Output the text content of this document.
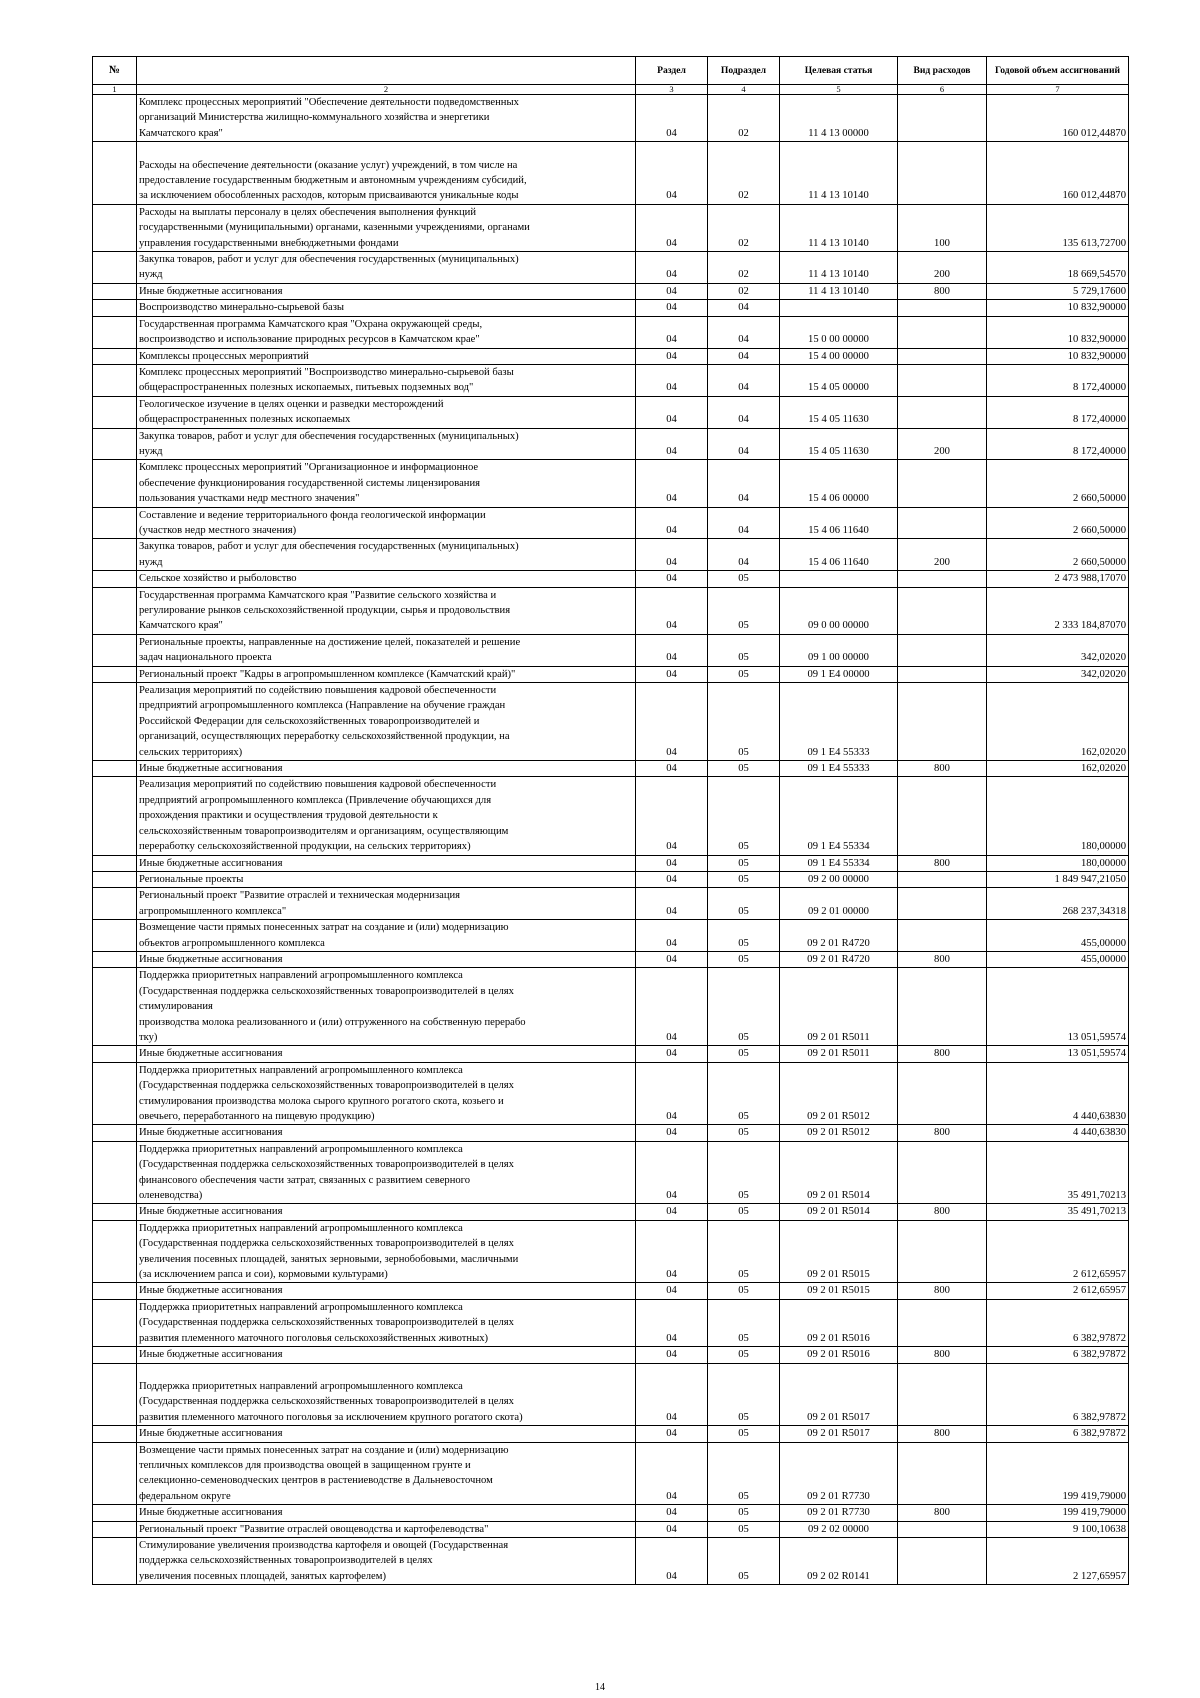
№		Раздел	Подраздел	Целевая статья	Вид расходов	Годовой объем ассигнований
1	2	3	4	5	6	7
	Комплекс процессных мероприятий "Обеспечение деятельности подведомственных
организаций Министерства жилищно-коммунального хозяйства и энергетики
Камчатского края"	04	02	11 4 13 00000		160 012,44870

Расходы на обеспечение деятельности (оказание услуг) учреждений, в том числе на
предоставление государственным бюджетным и автономным учреждениям субсидий,
за исключением обособленных расходов, которым присваиваются уникальные коды	04	02	11 4 13 10140		160 012,44870
	Расходы на выплаты персоналу в целях обеспечения выполнения функций
государственными (муниципальными) органами, казенными учреждениями, органами
управления государственными внебюджетными фондами	04	02	11 4 13 10140	100	135 613,72700
	Закупка товаров, работ и услуг для обеспечения государственных (муниципальных)
нужд	04	02	11 4 13 10140	200	18 669,54570
	Иные бюджетные ассигнования	04	02	11 4 13 10140	800	5 729,17600
	Воспроизводство минерально-сырьевой базы	04	04			10 832,90000
	Государственная программа Камчатского края "Охрана окружающей среды,
воспроизводство и использование природных ресурсов в Камчатском крае"	04	04	15 0 00 00000		10 832,90000
	Комплексы процессных мероприятий	04	04	15 4 00 00000		10 832,90000
	Комплекс процессных мероприятий "Воспроизводство минерально-сырьевой базы
общераспространенных полезных ископаемых, питьевых подземных вод"	04	04	15 4 05 00000		8 172,40000
	Геологическое изучение в целях оценки и разведки месторождений
общераспространенных полезных ископаемых	04	04	15 4 05 11630		8 172,40000
	Закупка товаров, работ и услуг для обеспечения государственных (муниципальных)
нужд	04	04	15 4 05 11630	200	8 172,40000
	Комплекс процессных мероприятий "Организационное и информационное
обеспечение функционирования государственной системы лицензирования
пользования участками недр местного значения"	04	04	15 4 06 00000		2 660,50000
	Составление и ведение территориального фонда геологической информации
(участков недр местного значения)	04	04	15 4 06 11640		2 660,50000
	Закупка товаров, работ и услуг для обеспечения государственных (муниципальных)
нужд	04	04	15 4 06 11640	200	2 660,50000
	Сельское хозяйство и рыболовство	04	05			2 473 988,17070
	Государственная программа Камчатского края "Развитие сельского хозяйства и
регулирование рынков сельскохозяйственной продукции, сырья и продовольствия
Камчатского края"	04	05	09 0 00 00000		2 333 184,87070
	Региональные проекты, направленные на достижение целей, показателей и решение
задач национального проекта	04	05	09 1 00 00000		342,02020
	Региональный проект "Кадры в агропромышленном комплексе (Камчатский край)"	04	05	09 1 Е4 00000		342,02020
	Реализация мероприятий по содействию повышения кадровой обеспеченности
предприятий агропромышленного комплекса (Направление на обучение граждан
Российской Федерации для сельскохозяйственных товаропроизводителей и
организаций, осуществляющих переработку сельскохозяйственной продукции, на
сельских территориях)	04	05	09 1 Е4 55333		162,02020
	Иные бюджетные ассигнования	04	05	09 1 Е4 55333	800	162,02020
	Реализация мероприятий по содействию повышения кадровой обеспеченности
предприятий агропромышленного комплекса (Привлечение обучающихся для
прохождения практики и осуществления трудовой деятельности к
сельскохозяйственным товаропроизводителям и организациям, осуществляющим
переработку сельскохозяйственной продукции, на сельских территориях)	04	05	09 1 Е4 55334		180,00000
	Иные бюджетные ассигнования	04	05	09 1 Е4 55334	800	180,00000
	Региональные проекты	04	05	09 2 00 00000		1 849 947,21050
	Региональный проект "Развитие отраслей и техническая модернизация
агропромышленного комплекса"	04	05	09 2 01 00000		268 237,34318
	Возмещение части прямых понесенных затрат на создание и (или) модернизацию
объектов агропромышленного комплекса	04	05	09 2 01 R4720		455,00000
	Иные бюджетные ассигнования	04	05	09 2 01 R4720	800	455,00000
	Поддержка приоритетных направлений агропромышленного комплекса
(Государственная поддержка сельскохозяйственных товаропроизводителей в целях
стимулирования
производства молока реализованного и (или) отгруженного на собственную перерабо
тку)	04	05	09 2 01 R5011		13 051,59574
	Иные бюджетные ассигнования	04	05	09 2 01 R5011	800	13 051,59574
	Поддержка приоритетных направлений агропромышленного комплекса
(Государственная поддержка сельскохозяйственных товаропроизводителей в целях
стимулирования производства молока сырого крупного рогатого скота, козьего и
овечьего, переработанного на пищевую продукцию)	04	05	09 2 01 R5012		4 440,63830
	Иные бюджетные ассигнования	04	05	09 2 01 R5012	800	4 440,63830
	Поддержка приоритетных направлений агропромышленного комплекса
(Государственная поддержка сельскохозяйственных товаропроизводителей в целях
финансового обеспечения части затрат, связанных с развитием северного
оленеводства)	04	05	09 2 01 R5014		35 491,70213
	Иные бюджетные ассигнования	04	05	09 2 01 R5014	800	35 491,70213
	Поддержка приоритетных направлений агропромышленного комплекса
(Государственная поддержка сельскохозяйственных товаропроизводителей в целях
увеличения посевных площадей, занятых зерновыми, зернобобовыми, масличными
(за исключением рапса и сои), кормовыми культурами)	04	05	09 2 01 R5015		2 612,65957
	Иные бюджетные ассигнования	04	05	09 2 01 R5015	800	2 612,65957
	Поддержка приоритетных направлений агропромышленного комплекса
(Государственная поддержка сельскохозяйственных товаропроизводителей в целях
развития племенного маточного поголовья сельскохозяйственных животных)	04	05	09 2 01 R5016		6 382,97872
	Иные бюджетные ассигнования	04	05	09 2 01 R5016	800	6 382,97872

Поддержка приоритетных направлений агропромышленного комплекса
(Государственная поддержка сельскохозяйственных товаропроизводителей в целях
развития племенного маточного поголовья за исключением крупного рогатого скота)	04	05	09 2 01 R5017		6 382,97872
	Иные бюджетные ассигнования	04	05	09 2 01 R5017	800	6 382,97872
	Возмещение части прямых понесенных затрат на создание и (или) модернизацию
тепличных комплексов для производства овощей в защищенном грунте и
селекционно-семеноводческих центров в растениеводстве в Дальневосточном
федеральном округе	04	05	09 2 01 R7730		199 419,79000
	Иные бюджетные ассигнования	04	05	09 2 01 R7730	800	199 419,79000
	Региональный проект "Развитие отраслей овощеводства и картофелеводства"	04	05	09 2 02 00000		9 100,10638
	Стимулирование увеличения производства картофеля и овощей (Государственная
поддержка сельскохозяйственных товаропроизводителей в целях
увеличения посевных площадей, занятых картофелем)	04	05	09 2 02 R0141		2 127,65957
14
